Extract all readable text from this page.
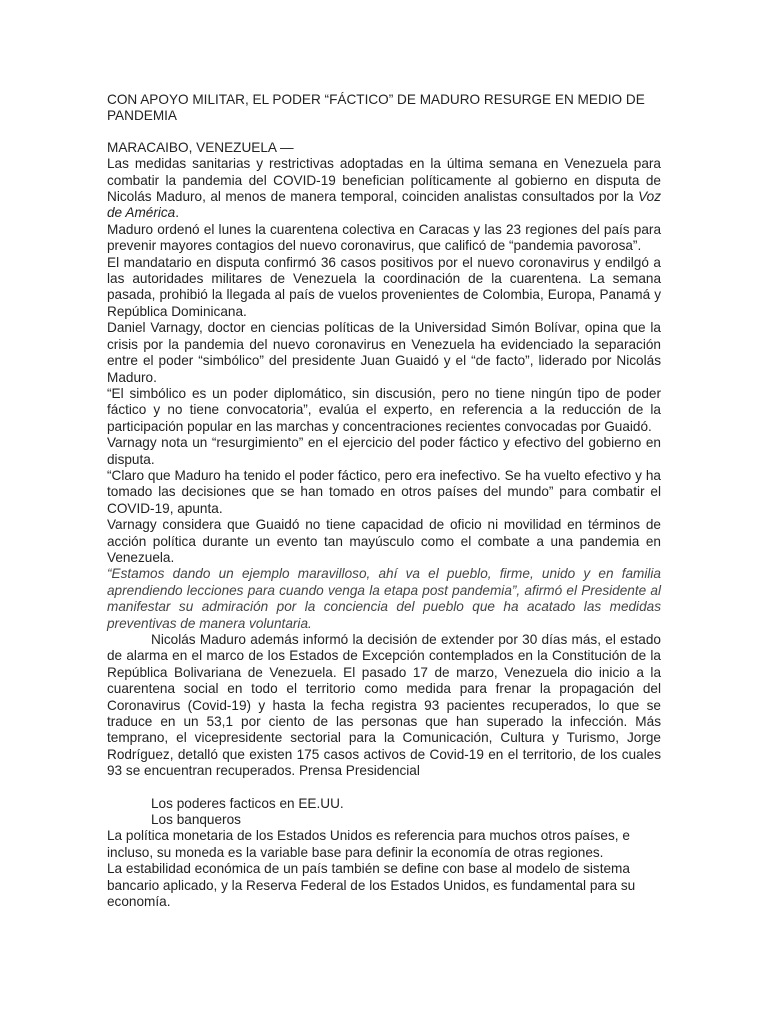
CON APOYO MILITAR, EL PODER “FÁCTICO” DE MADURO RESURGE EN MEDIO DE PANDEMIA

MARACAIBO, VENEZUELA —

Las medidas sanitarias y restrictivas adoptadas en la última semana en Venezuela para combatir la pandemia del COVID-19 benefician políticamente al gobierno en disputa de Nicolás Maduro, al menos de manera temporal, coinciden analistas consultados por la Voz de América.

Maduro ordenó el lunes la cuarentena colectiva en Caracas y las 23 regiones del país para prevenir mayores contagios del nuevo coronavirus, que calificó de “pandemia pavorosa”.

El mandatario en disputa confirmó 36 casos positivos por el nuevo coronavirus y endilgó a las autoridades militares de Venezuela la coordinación de la cuarentena. La semana pasada, prohibió la llegada al país de vuelos provenientes de Colombia, Europa, Panamá y República Dominicana.

Daniel Varnagy, doctor en ciencias políticas de la Universidad Simón Bolívar, opina que la crisis por la pandemia del nuevo coronavirus en Venezuela ha evidenciado la separación entre el poder “simbólico” del presidente Juan Guaidó y el “de facto”, liderado por Nicolás Maduro.

“El simbólico es un poder diplomático, sin discusión, pero no tiene ningún tipo de poder fáctico y no tiene convocatoria”, evalúa el experto, en referencia a la reducción de la participación popular en las marchas y concentraciones recientes convocadas por Guaidó.

Varnagy nota un “resurgimiento” en el ejercicio del poder fáctico y efectivo del gobierno en disputa.

“Claro que Maduro ha tenido el poder fáctico, pero era inefectivo. Se ha vuelto efectivo y ha tomado las decisiones que se han tomado en otros países del mundo” para combatir el COVID-19, apunta.

Varnagy considera que Guaidó no tiene capacidad de oficio ni movilidad en términos de acción política durante un evento tan mayúsculo como el combate a una pandemia en Venezuela.

“Estamos dando un ejemplo maravilloso, ahí va el pueblo, firme, unido y en familia aprendiendo lecciones para cuando venga la etapa post pandemia”, afirmó el Presidente al manifestar su admiración por la conciencia del pueblo que ha acatado las medidas preventivas de manera voluntaria.

Nicolás Maduro además informó la decisión de extender por 30 días más, el estado de alarma en el marco de los Estados de Excepción contemplados en la Constitución de la República Bolivariana de Venezuela. El pasado 17 de marzo, Venezuela dio inicio a la cuarentena social en todo el territorio como medida para frenar la propagación del Coronavirus (Covid-19) y hasta la fecha registra 93 pacientes recuperados, lo que se traduce en un 53,1 por ciento de las personas que han superado la infección. Más temprano, el vicepresidente sectorial para la Comunicación, Cultura y Turismo, Jorge Rodríguez, detalló que existen 175 casos activos de Covid-19 en el territorio, de los cuales 93 se encuentran recuperados. Prensa Presidencial

Los poderes facticos en EE.UU.

Los banqueros

La política monetaria de los Estados Unidos es referencia para muchos otros países, e incluso, su moneda es la variable base para definir la economía de otras regiones.

La estabilidad económica de un país también se define con base al modelo de sistema bancario aplicado, y la Reserva Federal de los Estados Unidos, es fundamental para su economía.
